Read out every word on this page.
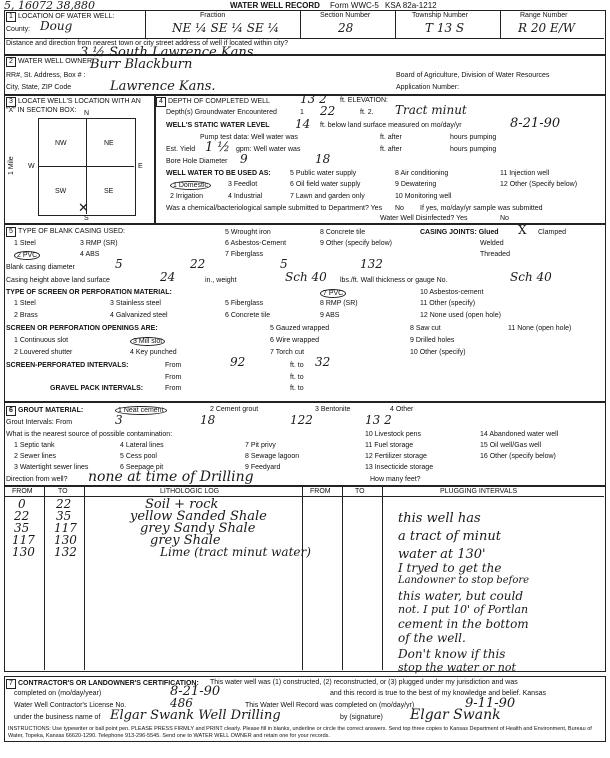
5, 16072 38,880	WATER WELL RECORD Form WWC-5 KSA 82a-1212
1 LOCATION OF WATER WELL:
County: Doug
Fraction
NE ¼ SE ¼ SE ¼
Section Number
28
Township Number
T 13 S
Range Number
R 20 E/W
Distance and direction from nearest town or city street address of well if located within city?
3 ½ South Lawrence Kans.
2 WATER WELL OWNER:
Burr Blackburn
RR#, St. Address, Box # :
City, State, ZIP Code	Lawrence Kans.
Board of Agriculture, Division of Water Resources
Application Number:
3 LOCATE WELL'S LOCATION WITH AN "X" IN SECTION BOX:
NW	NE
SW	SE
N
S
W	E
1 Mile
✕
4 DEPTH OF COMPLETED WELL	13 2 ft. ELEVATION:
Depth(s) Groundwater Encountered	1 22	ft. 2. Tract minut
WELL'S STATIC WATER LEVEL 14 ft. below land surface measured on mo/day/yr	8-21-90
Pump test data: Well water was	ft. after	hours pumping
Est. Yield 1 ½ gpm: Well water was	ft. after	hours pumping
Bore Hole Diameter 9	18
WELL WATER TO BE USED AS:
1 Domestic	3 Feedlot
5 Public water supply	8 Air conditioning	11 Injection well
2 Irrigation	4 Industrial
6 Oil field water supply	9 Dewatering	12 Other (Specify below)
7 Lawn and garden only	10 Monitoring well
Was a chemical/bacteriological sample submitted to Department? Yes No If yes, mo/day/yr sample was submitted
Water Well Disinfected? Yes	No
5 TYPE OF BLANK CASING USED:
1 Steel	3 RMP (SR)
5 Wrought iron
6 Asbestos-Cement
7 Fiberglass
8 Concrete tile
9 Other (specify below)
2 PVC	4 ABS
CASING JOINTS: Glued X Clamped
Welded
Threaded
Blank casing diameter	5	22	5	132
Casing height above land surface	24	in., weight	Sch 40 lbs./ft. Wall thickness or gauge No.	Sch 40
TYPE OF SCREEN OR PERFORATION MATERIAL:
1 Steel	3 Stainless steel	5 Fiberglass
7 PVC	10 Asbestos-cement
2 Brass	4 Galvanized steel	6 Concrete tile
8 RMP (SR)	11 Other (specify)
9 ABS	12 None used (open hole)
SCREEN OR PERFORATION OPENINGS ARE:
1 Continuous slot	3 Mill slot
5 Gauzed wrapped	8 Saw cut	11 None (open hole)
2 Louvered shutter	4 Key punched
6 Wire wrapped	9 Drilled holes
7 Torch cut	10 Other (specify)
SCREEN-PERFORATED INTERVALS:	From	92	ft. to 32
From	ft. to
GRAVEL PACK INTERVALS:	From	ft. to
6 GROUT MATERIAL:	1 Neat cement	2 Cement grout	3 Bentonite	4 Other
Grout Intervals: From	3	18	122	13 2
What is the nearest source of possible contamination:
1 Septic tank	4 Lateral lines	7 Pit privy
10 Livestock pens	14 Abandoned water well
2 Sewer lines	5 Cess pool	8 Sewage lagoon
11 Fuel storage	15 Oil well/Gas well
3 Watertight sewer lines	6 Seepage pit	9 Feedyard
12 Fertilizer storage	16 Other (specify below)
13 Insecticide storage
Direction from well? none at time of Drilling	How many feet?
FROM	TO	LITHOLOGIC LOG	FROM	TO	PLUGGING INTERVALS
0	22	Soil + rock
22 35	yellow Sanded Shale
35 117	grey Sandy Shale
117 130	grey Shale
130 132	Lime (tract minut water)
this well has
a tract of minut
water at 130'
I tryed to get the
Landowner to stop before
this water, but could
not. I put 10' of Portlan
cement in the bottom
of the well.
Don't know if this
stop the water or not
7 CONTRACTOR'S OR LANDOWNER'S CERTIFICATION: This water well was (1) constructed, (2) reconstructed, or (3) plugged under my jurisdiction and was
completed on (mo/day/year)	8-21-90	and this record is true to the best of my knowledge and belief. Kansas
Water Well Contractor's License No.	486	This Water Well Record was completed on (mo/day/yr)	9-11-90
under the business name of Elgar Swank Well Drilling	by (signature) Elgar Swank
INSTRUCTIONS: Use typewriter or ball point pen. PLEASE PRESS FIRMLY and PRINT clearly. Please fill in blanks, underline or circle the correct answers. Send top three copies to Kansas Department of Health and Environment, Bureau of Water, Topeka, Kansas 66620-1290. Telephone 913-296-5545. Send one to WATER WELL OWNER and retain one for your records.
